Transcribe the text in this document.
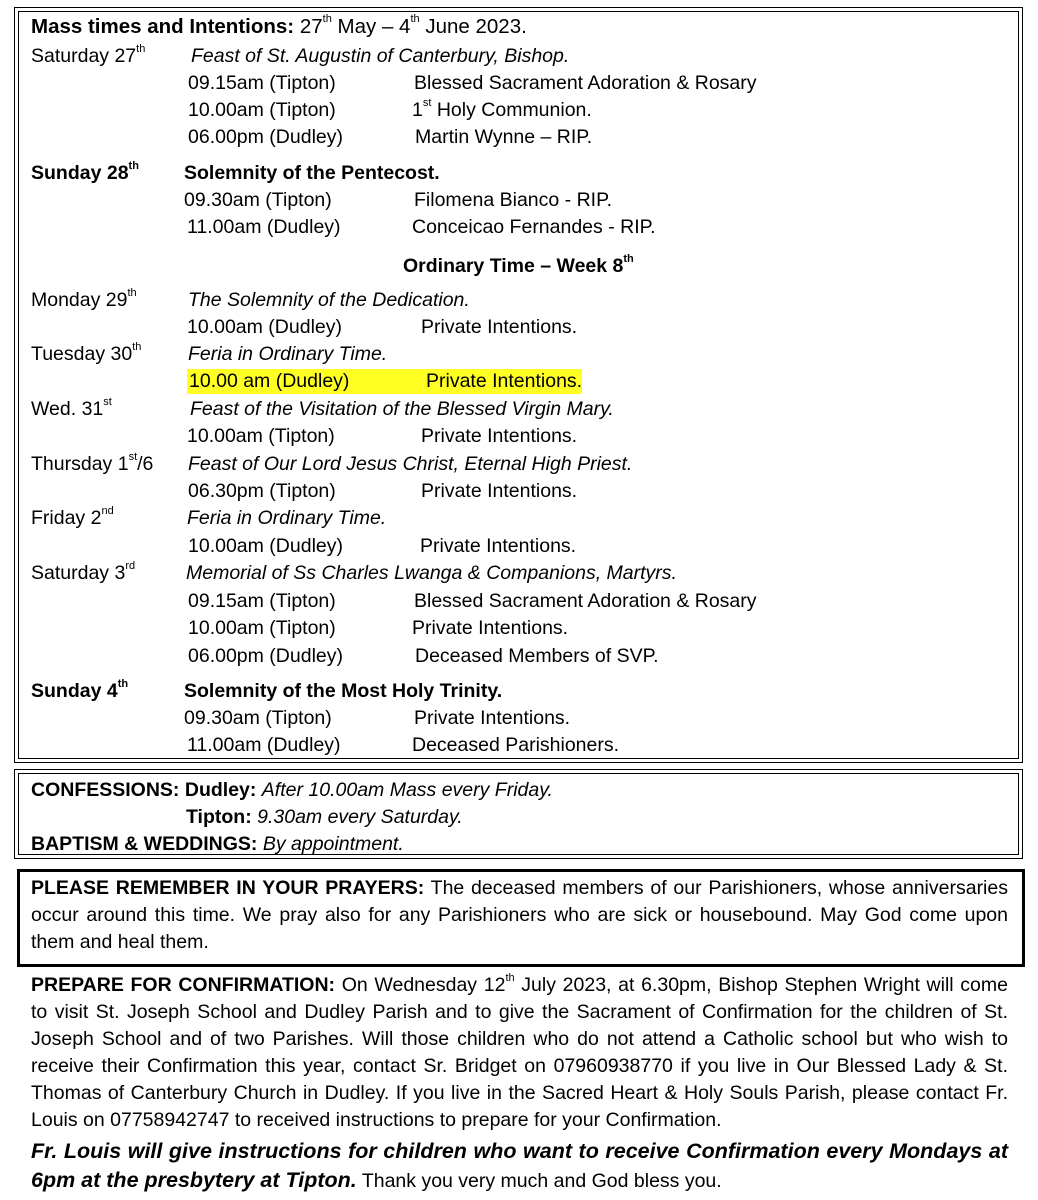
Mass times and Intentions: 27th May – 4th June 2023.
Saturday 27th Feast of St. Augustin of Canterbury, Bishop.
09.15am (Tipton)	Blessed Sacrament Adoration & Rosary
10.00am (Tipton)	1st Holy Communion.
06.00pm (Dudley)	Martin Wynne – RIP.
Sunday 28th Solemnity of the Pentecost.
09.30am (Tipton)	Filomena Bianco - RIP.
11.00am (Dudley)	Conceicao Fernandes - RIP.
Ordinary Time – Week 8th
Monday 29th	The Solemnity of the Dedication.
10.00am (Dudley)	Private Intentions.
Tuesday 30th Feria in Ordinary Time.
10.00 am (Dudley)	Private Intentions.
Wed. 31st	Feast of the Visitation of the Blessed Virgin Mary.
10.00am (Tipton)	Private Intentions.
Thursday 1st/6 Feast of Our Lord Jesus Christ, Eternal High Priest.
06.30pm (Tipton)	Private Intentions.
Friday 2nd	Feria in Ordinary Time.
10.00am (Dudley)	Private Intentions.
Saturday 3rd	Memorial of Ss Charles Lwanga & Companions, Martyrs.
09.15am (Tipton)	Blessed Sacrament Adoration & Rosary
10.00am (Tipton)	Private Intentions.
06.00pm (Dudley)	Deceased Members of SVP.
Sunday 4th	Solemnity of the Most Holy Trinity.
09.30am (Tipton)	Private Intentions.
11.00am (Dudley)	Deceased Parishioners.
CONFESSIONS: Dudley: After 10.00am Mass every Friday.
Tipton: 9.30am every Saturday.
BAPTISM & WEDDINGS: By appointment.
PLEASE REMEMBER IN YOUR PRAYERS: The deceased members of our Parishioners, whose anniversaries occur around this time. We pray also for any Parishioners who are sick or housebound. May God come upon them and heal them.
PREPARE FOR CONFIRMATION: On Wednesday 12th July 2023, at 6.30pm, Bishop Stephen Wright will come to visit St. Joseph School and Dudley Parish and to give the Sacrament of Confirmation for the children of St. Joseph School and of two Parishes. Will those children who do not attend a Catholic school but who wish to receive their Confirmation this year, contact Sr. Bridget on 07960938770 if you live in Our Blessed Lady & St. Thomas of Canterbury Church in Dudley. If you live in the Sacred Heart & Holy Souls Parish, please contact Fr. Louis on 07758942747 to received instructions to prepare for your Confirmation.
Fr. Louis will give instructions for children who want to receive Confirmation every Mondays at 6pm at the presbytery at Tipton. Thank you very much and God bless you.
